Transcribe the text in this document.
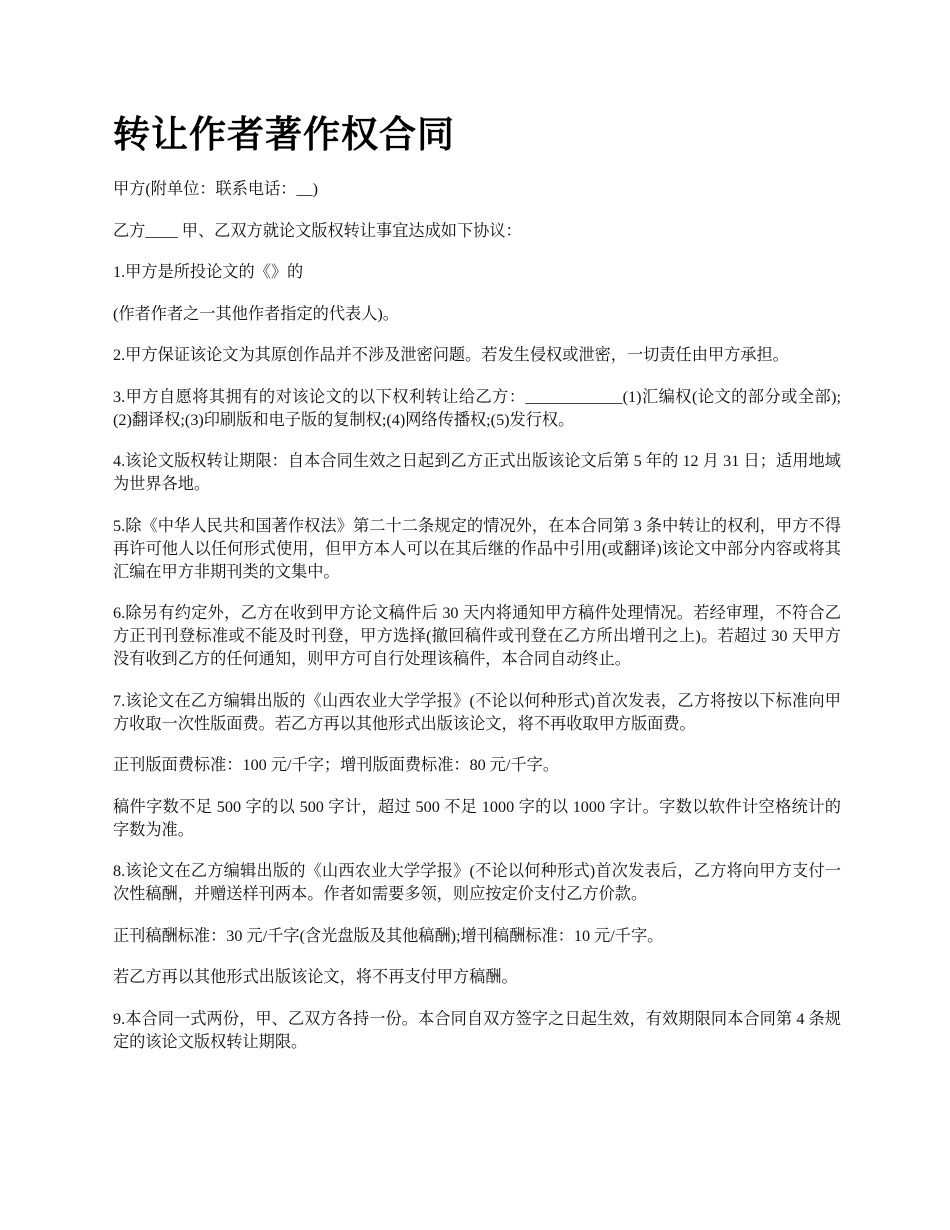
转让作者著作权合同

甲方(附单位：联系电话：__)

乙方____ 甲、乙双方就论文版权转让事宜达成如下协议：

1.甲方是所投论文的《》的

(作者作者之一其他作者指定的代表人)。

2.甲方保证该论文为其原创作品并不涉及泄密问题。若发生侵权或泄密，一切责任由甲方承担。

3.甲方自愿将其拥有的对该论文的以下权利转让给乙方：____________(1)汇编权(论文的部分或全部);(2)翻译权;(3)印刷版和电子版的复制权;(4)网络传播权;(5)发行权。

4.该论文版权转让期限：自本合同生效之日起到乙方正式出版该论文后第 5 年的 12 月 31 日；适用地域为世界各地。

5.除《中华人民共和国著作权法》第二十二条规定的情况外，在本合同第 3 条中转让的权利，甲方不得再许可他人以任何形式使用，但甲方本人可以在其后继的作品中引用(或翻译)该论文中部分内容或将其汇编在甲方非期刊类的文集中。

6.除另有约定外，乙方在收到甲方论文稿件后 30 天内将通知甲方稿件处理情况。若经审理，不符合乙方正刊刊登标准或不能及时刊登，甲方选择(撤回稿件或刊登在乙方所出增刊之上)。若超过 30 天甲方没有收到乙方的任何通知，则甲方可自行处理该稿件，本合同自动终止。

7.该论文在乙方编辑出版的《山西农业大学学报》(不论以何种形式)首次发表，乙方将按以下标准向甲方收取一次性版面费。若乙方再以其他形式出版该论文，将不再收取甲方版面费。

正刊版面费标准：100 元/千字；增刊版面费标准：80 元/千字。

稿件字数不足 500 字的以 500 字计，超过 500 不足 1000 字的以 1000 字计。字数以软件计空格统计的字数为准。

8.该论文在乙方编辑出版的《山西农业大学学报》(不论以何种形式)首次发表后，乙方将向甲方支付一次性稿酬，并赠送样刊两本。作者如需要多领，则应按定价支付乙方价款。

正刊稿酬标准：30 元/千字(含光盘版及其他稿酬);增刊稿酬标准：10 元/千字。

若乙方再以其他形式出版该论文，将不再支付甲方稿酬。

9.本合同一式两份，甲、乙双方各持一份。本合同自双方签字之日起生效，有效期限同本合同第 4 条规定的该论文版权转让期限。
